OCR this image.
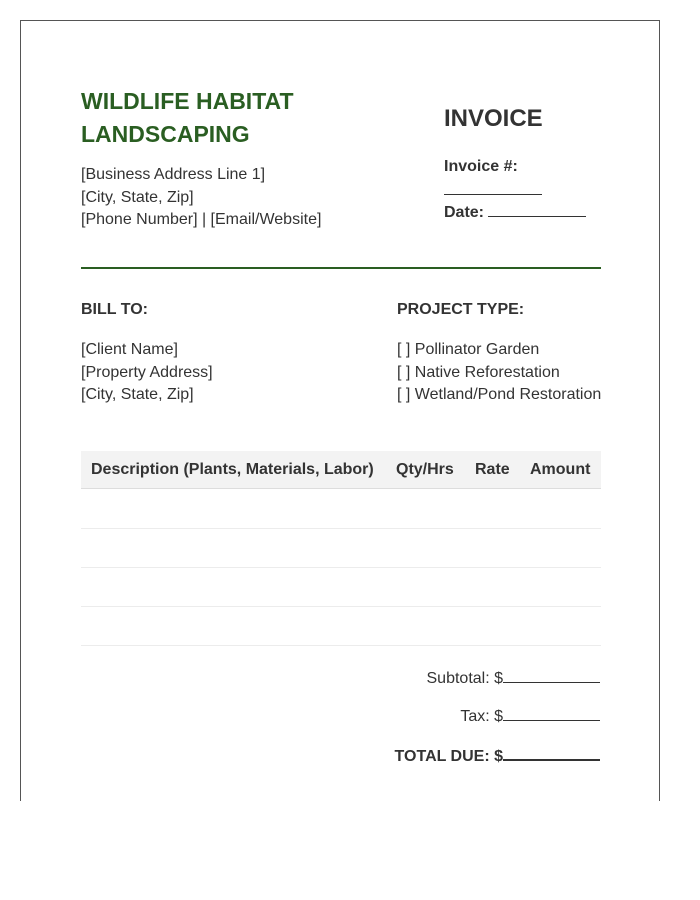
WILDLIFE HABITAT LANDSCAPING
[Business Address Line 1]
[City, State, Zip]
[Phone Number] | [Email/Website]
INVOICE
Invoice #:
Date:
BILL TO:	PROJECT TYPE:
[Client Name]
[Property Address]
[City, State, Zip]
[ ] Pollinator Garden
[ ] Native Reforestation
[ ] Wetland/Pond Restoration
Description (Plants, Materials, Labor) Qty/Hrs Rate Amount
Subtotal: $
Tax: $
TOTAL DUE: $
